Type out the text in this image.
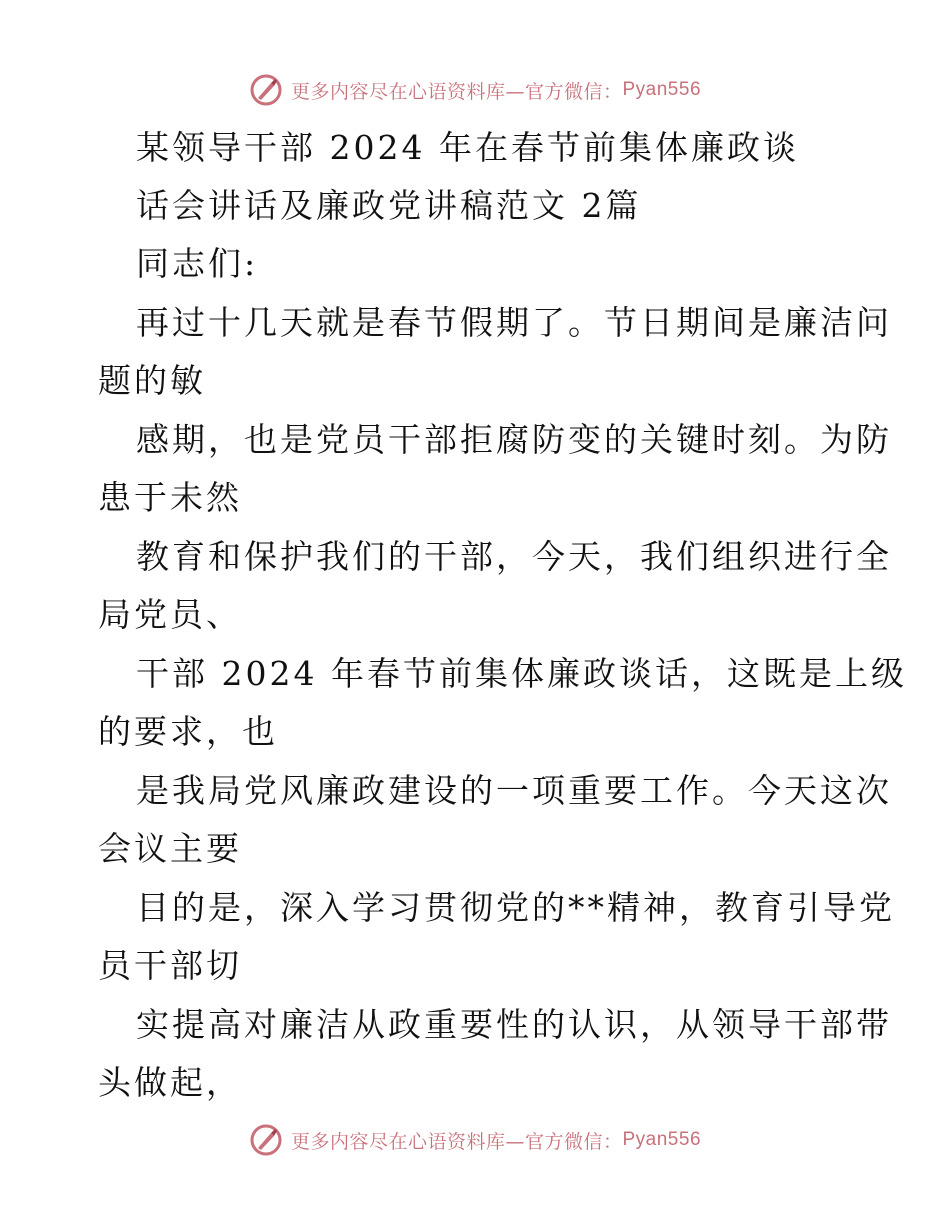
更多内容尽在心语资料库—官方微信： Pyan556
某领导干部 2024 年在春节前集体廉政谈
话会讲话及廉政党讲稿范文 2篇
同志们:
再过十几天就是春节假期了。节日期间是廉洁问
题的敏
感期，也是党员干部拒腐防变的关键时刻。为防
患于未然
教育和保护我们的干部，今天，我们组织进行全
局党员、
干部 2024 年春节前集体廉政谈话，这既是上级
的要求，也
是我局党风廉政建设的一项重要工作。今天这次
会议主要
目的是，深入学习贯彻党的**精神，教育引导党
员干部切
实提高对廉洁从政重要性的认识，从领导干部带
头做起，
更多内容尽在心语资料库—官方微信： Pyan556
